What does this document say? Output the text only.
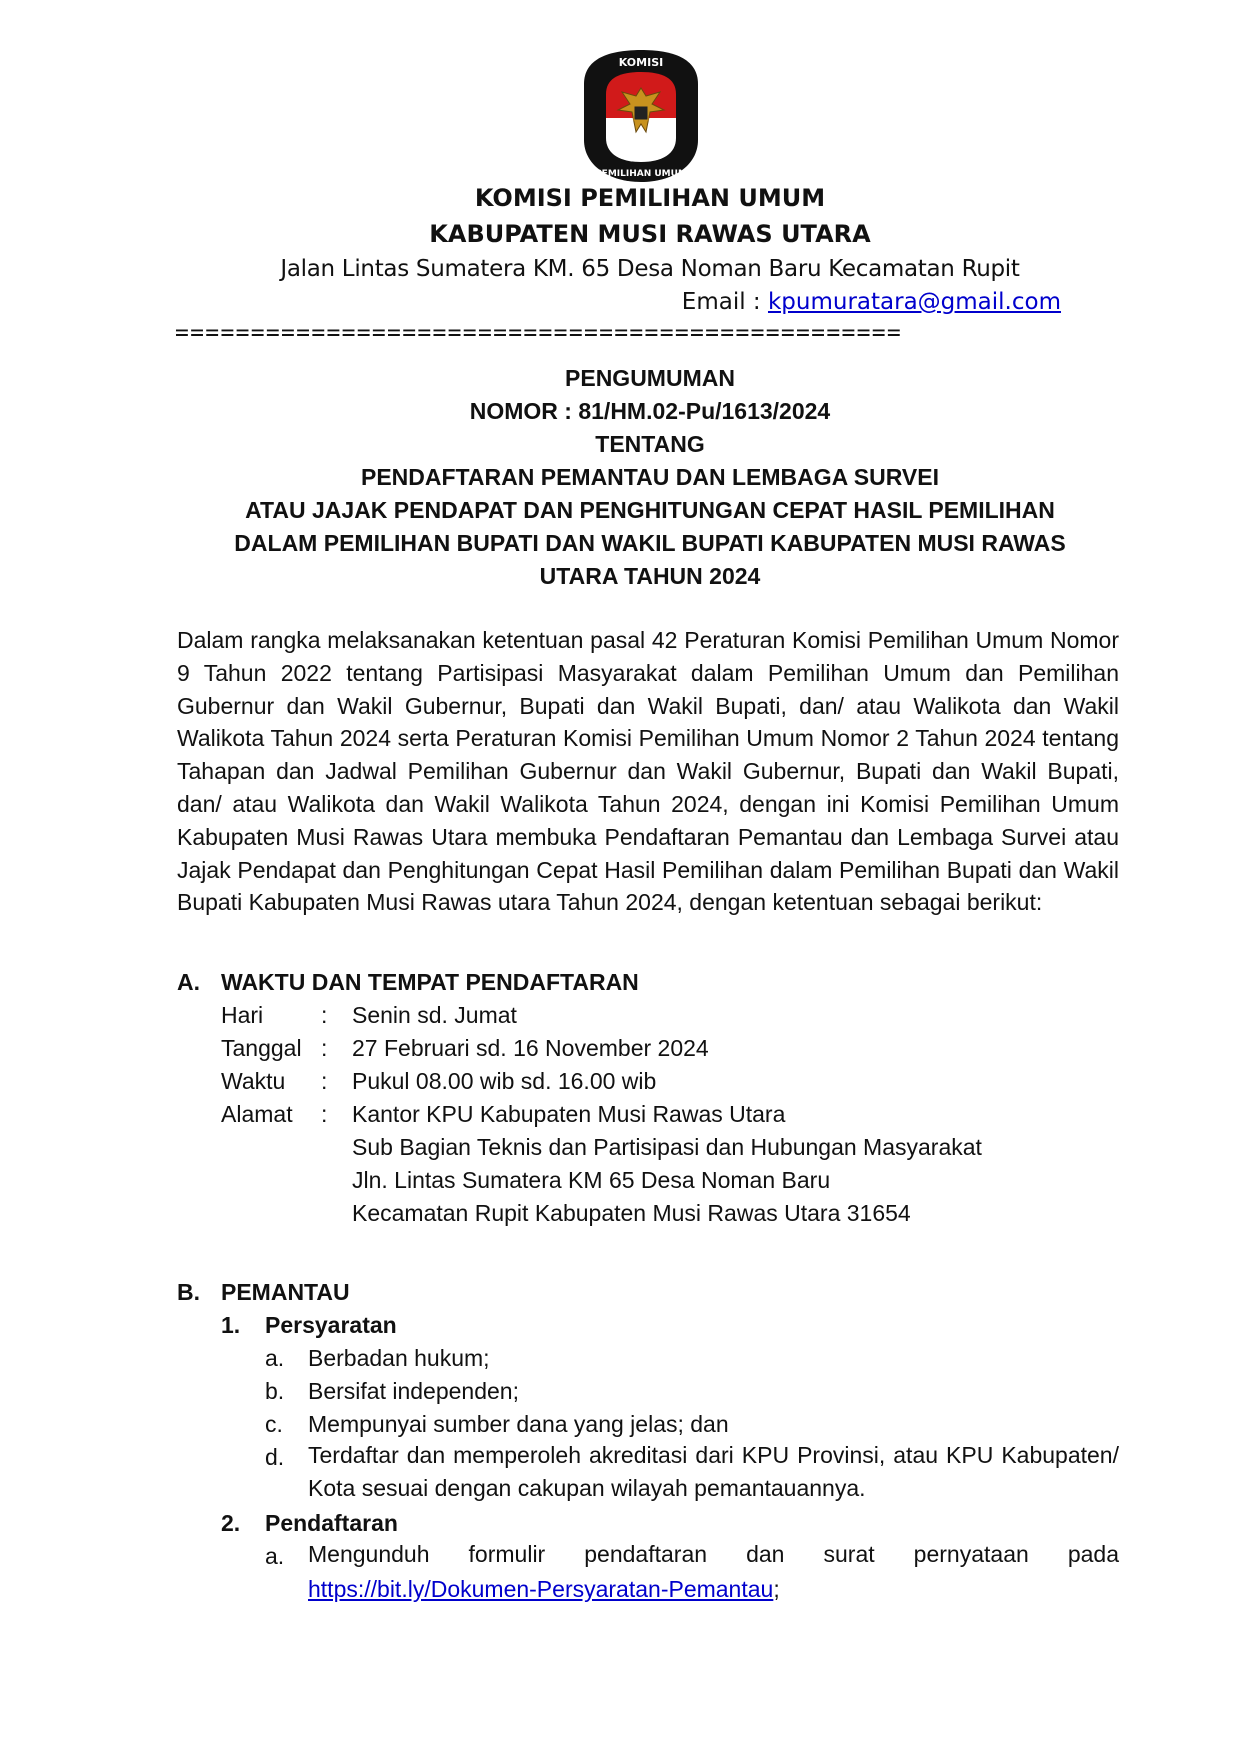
KOMISI
PEMILIHAN UMUM
KOMISI PEMILIHAN UMUM
KABUPATEN MUSI RAWAS UTARA
Jalan Lintas Sumatera KM. 65 Desa Noman Baru Kecamatan Rupit
Email : kpumuratara@gmail.com
================================================
PENGUMUMAN
NOMOR : 81/HM.02-Pu/1613/2024
TENTANG
PENDAFTARAN PEMANTAU DAN LEMBAGA SURVEI
ATAU JAJAK PENDAPAT DAN PENGHITUNGAN CEPAT HASIL PEMILIHAN
DALAM PEMILIHAN BUPATI DAN WAKIL BUPATI KABUPATEN MUSI RAWAS
UTARA TAHUN 2024
Dalam rangka melaksanakan ketentuan pasal 42 Peraturan Komisi Pemilihan Umum Nomor 9 Tahun 2022 tentang Partisipasi Masyarakat dalam Pemilihan Umum dan Pemilihan Gubernur dan Wakil Gubernur, Bupati dan Wakil Bupati, dan/ atau Walikota dan Wakil Walikota Tahun 2024 serta Peraturan Komisi Pemilihan Umum Nomor 2 Tahun 2024 tentang Tahapan dan Jadwal Pemilihan Gubernur dan Wakil Gubernur, Bupati dan Wakil Bupati, dan/ atau Walikota dan Wakil Walikota Tahun 2024, dengan ini Komisi Pemilihan Umum Kabupaten Musi Rawas Utara membuka Pendaftaran Pemantau dan Lembaga Survei atau Jajak Pendapat dan Penghitungan Cepat Hasil Pemilihan dalam Pemilihan Bupati dan Wakil Bupati Kabupaten Musi Rawas utara Tahun 2024, dengan ketentuan sebagai berikut:
A. WAKTU DAN TEMPAT PENDAFTARAN
Hari	: Senin sd. Jumat
Tanggal : 27 Februari sd. 16 November 2024
Waktu : Pukul 08.00 wib sd. 16.00 wib
Alamat : Kantor KPU Kabupaten Musi Rawas Utara
Sub Bagian Teknis dan Partisipasi dan Hubungan Masyarakat
Jln. Lintas Sumatera KM 65 Desa Noman Baru
Kecamatan Rupit Kabupaten Musi Rawas Utara 31654
B. PEMANTAU
1. Persyaratan
a. Berbadan hukum;
b. Bersifat independen;
c. Mempunyai sumber dana yang jelas; dan
d. Terdaftar dan memperoleh akreditasi dari KPU Provinsi, atau KPU Kabupaten/ Kota sesuai dengan cakupan wilayah pemantauannya.
2. Pendaftaran
a. Mengunduh formulir pendaftaran dan surat pernyataan pada
https://bit.ly/Dokumen-Persyaratan-Pemantau;
